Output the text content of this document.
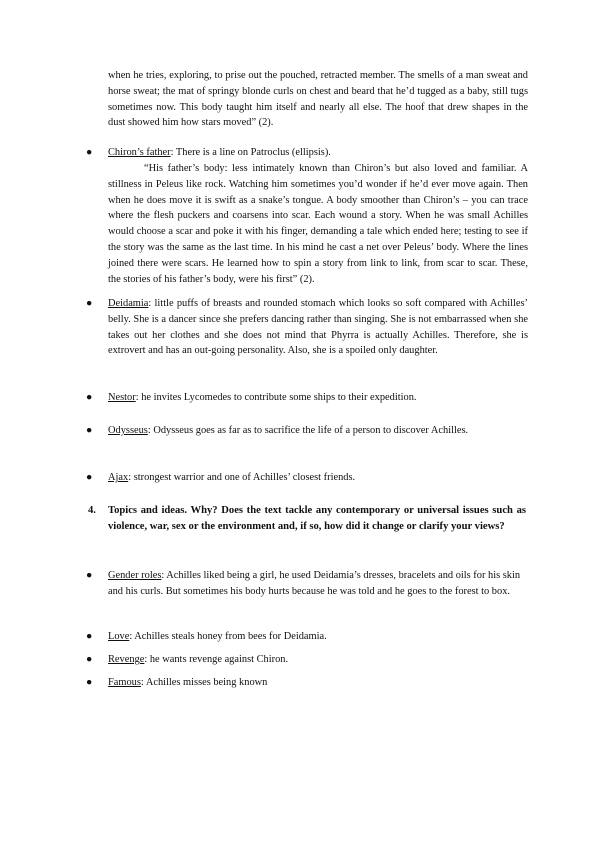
when he tries, exploring, to prise out the pouched, retracted member. The smells of a man sweat and horse sweat; the mat of springy blonde curls on chest and beard that he’d tugged as a baby, still tugs sometimes now. This body taught him itself and nearly all else. The hoof that drew shapes in the dust showed him how stars moved” (2).

● Chiron’s father: There is a line on Patroclus (ellipsis).

“His father’s body: less intimately known than Chiron’s but also loved and familiar. A stillness in Peleus like rock. Watching him sometimes you’d wonder if he’d ever move again. Then when he does move it is swift as a snake’s tongue. A body smoother than Chiron’s – you can trace where the flesh puckers and coarsens into scar. Each wound a story. When he was small Achilles would choose a scar and poke it with his finger, demanding a tale which ended here; testing to see if the story was the same as the last time. In his mind he cast a net over Peleus’ body. Where the lines joined there were scars. He learned how to spin a story from link to link, from scar to scar. These, the stories of his father’s body, were his first” (2).

● Deidamia: little puffs of breasts and rounded stomach which looks so soft compared with Achilles’ belly. She is a dancer since she prefers dancing rather than singing. She is not embarrassed when she takes out her clothes and she does not mind that Phyrra is actually Achilles. Therefore, she is extrovert and has an out-going personality. Also, she is a spoiled only daughter.

● Nestor: he invites Lycomedes to contribute some ships to their expedition.

● Odysseus: Odysseus goes as far as to sacrifice the life of a person to discover Achilles.

● Ajax: strongest warrior and one of Achilles’ closest friends.

4. Topics and ideas. Why? Does the text tackle any contemporary or universal issues such as violence, war, sex or the environment and, if so, how did it change or clarify your views?

● Gender roles: Achilles liked being a girl, he used Deidamia’s dresses, bracelets and oils for his skin and his curls. But sometimes his body hurts because he was told and he goes to the forest to box.

● Love: Achilles steals honey from bees for Deidamia.

● Revenge: he wants revenge against Chiron.

● Famous: Achilles misses being known
